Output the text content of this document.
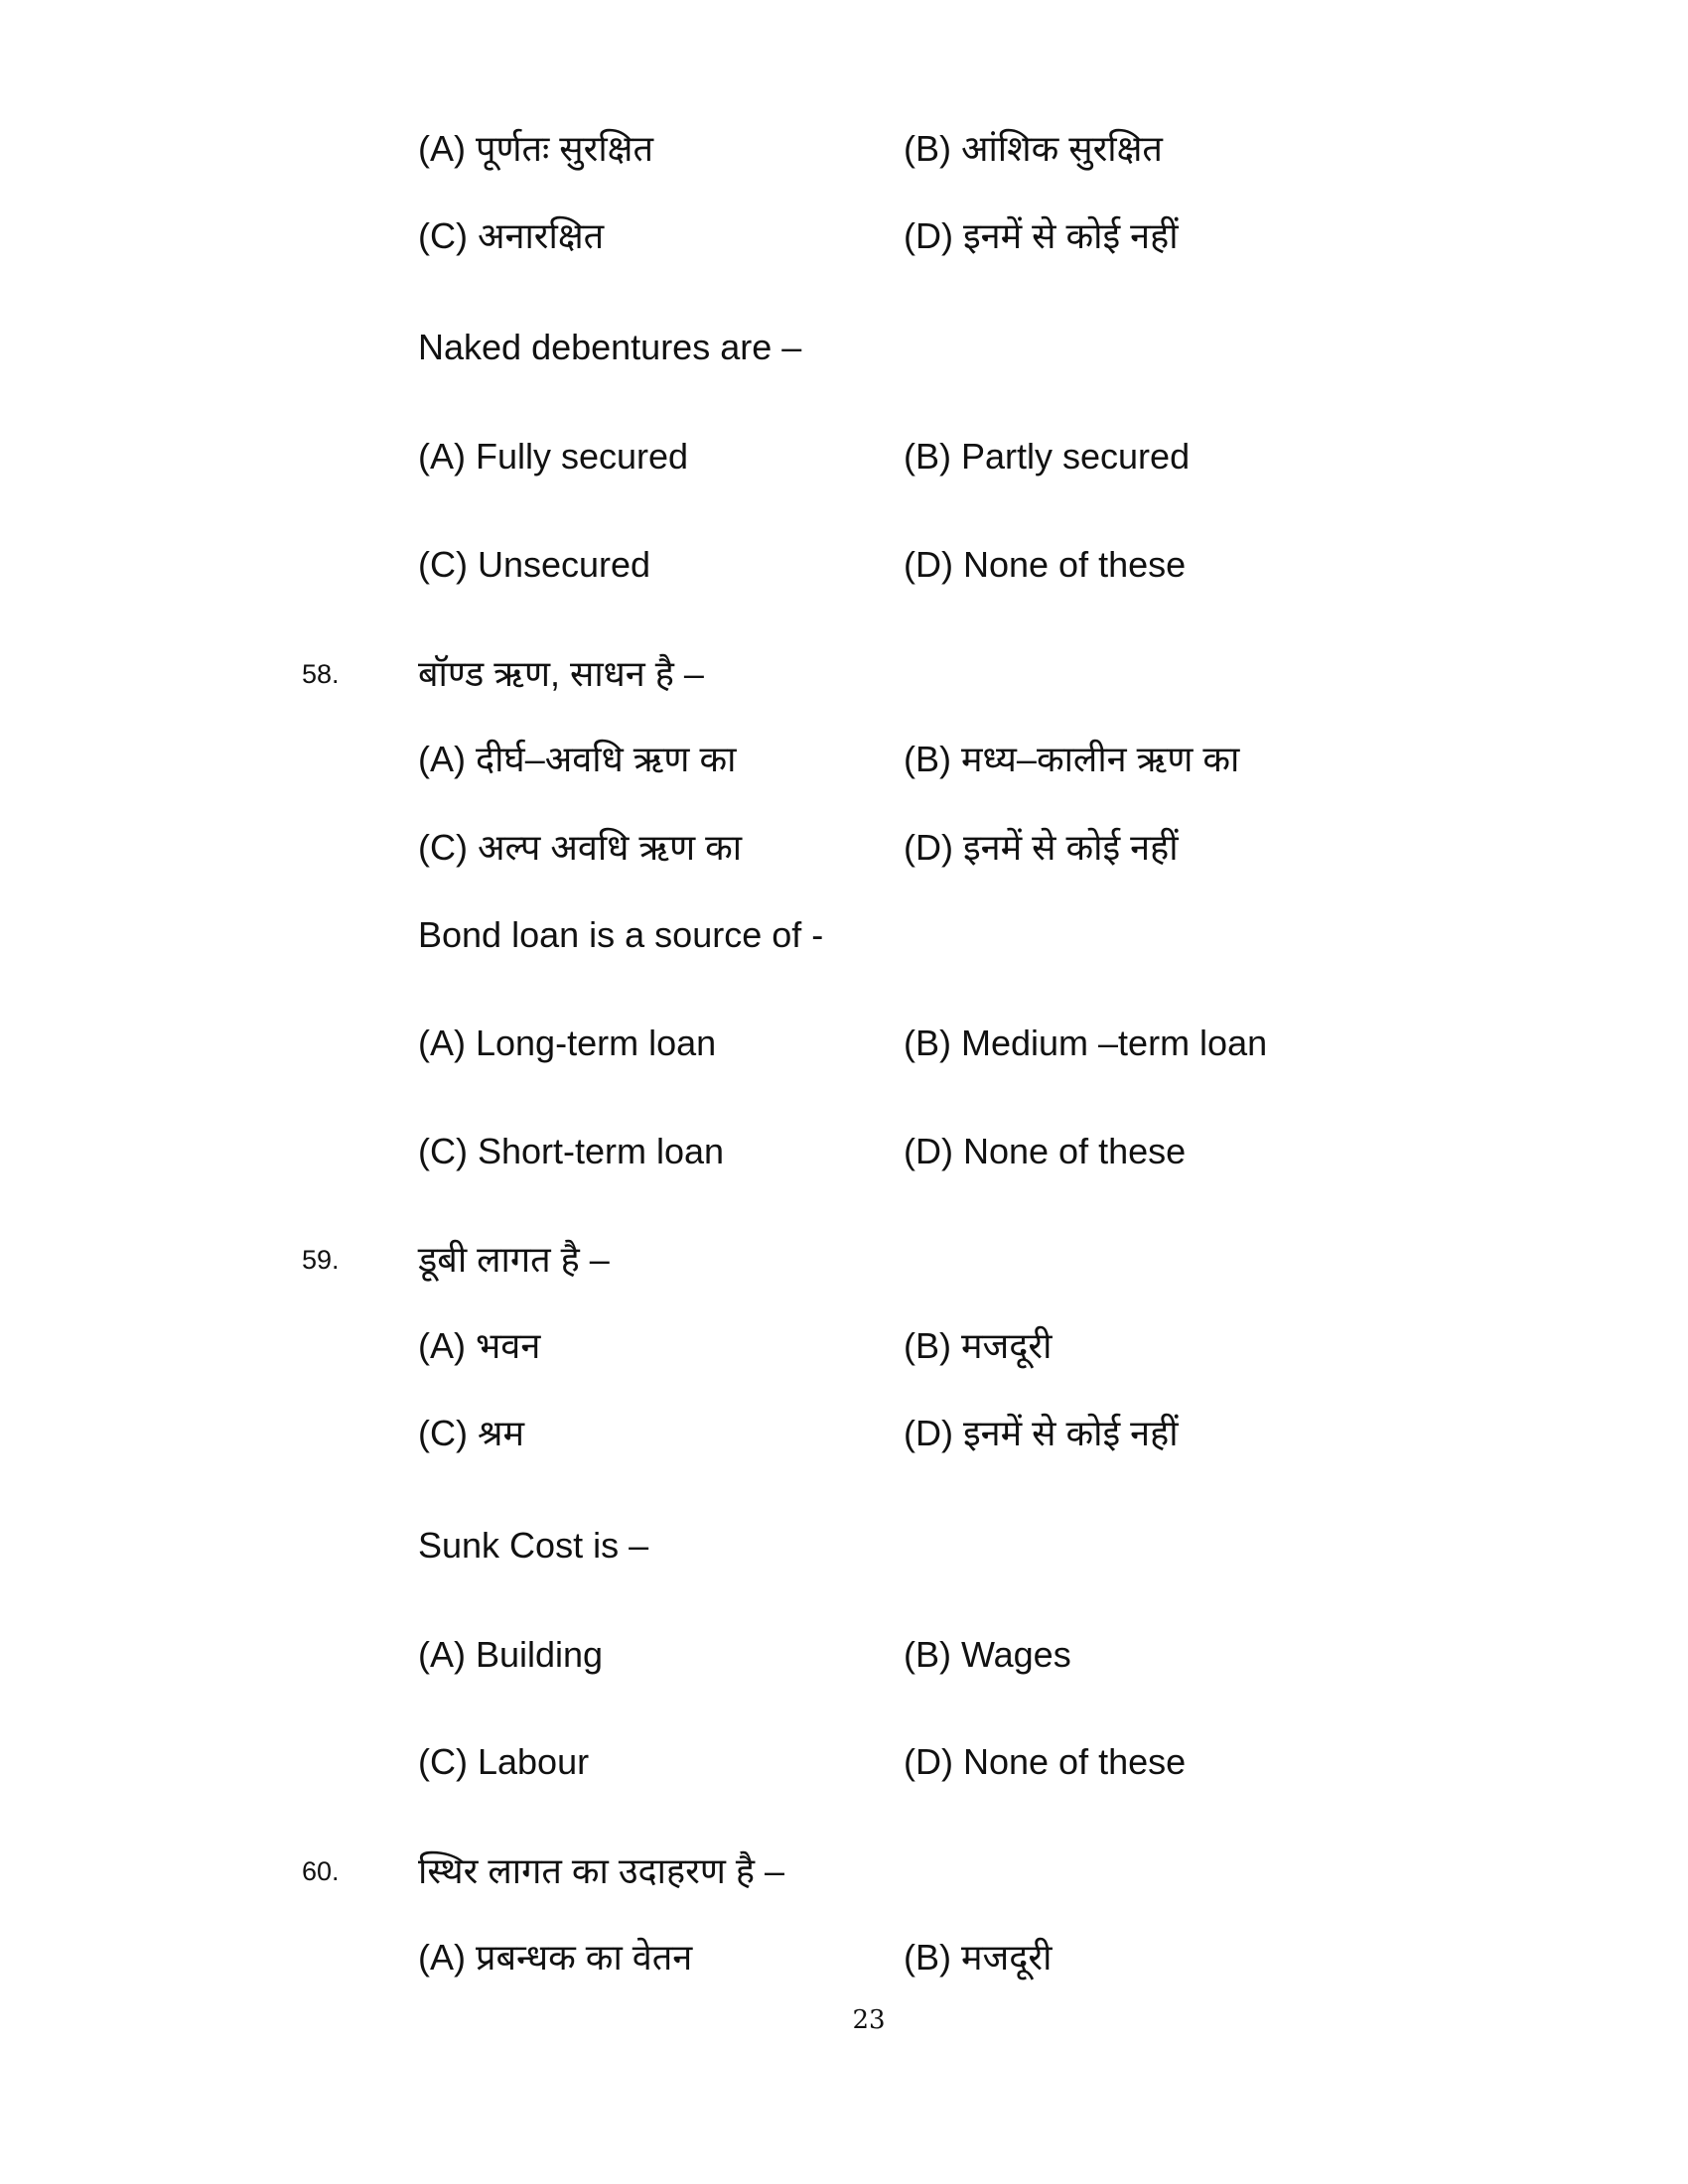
(A) पूर्णतः सुरक्षित	(B) आंशिक सुरक्षित
(C) अनारक्षित	(D) इनमें से कोई नहीं
Naked debentures are –
(A) Fully secured	(B) Partly secured
(C) Unsecured	(D) None of these
58. बॉण्ड ऋण, साधन है –
(A) दीर्घ–अवधि ऋण का	(B) मध्य–कालीन ऋण का
(C) अल्प अवधि ऋण का	(D) इनमें से कोई नहीं
Bond loan is a source of -
(A) Long-term loan	(B) Medium –term loan
(C) Short-term loan	(D) None of these
59. डूबी लागत है –
(A) भवन	(B) मजदूरी
(C) श्रम	(D) इनमें से कोई नहीं
Sunk Cost is –
(A) Building	(B) Wages
(C) Labour	(D) None of these
60. स्थिर लागत का उदाहरण है –
(A) प्रबन्धक का वेतन	(B) मजदूरी
23
